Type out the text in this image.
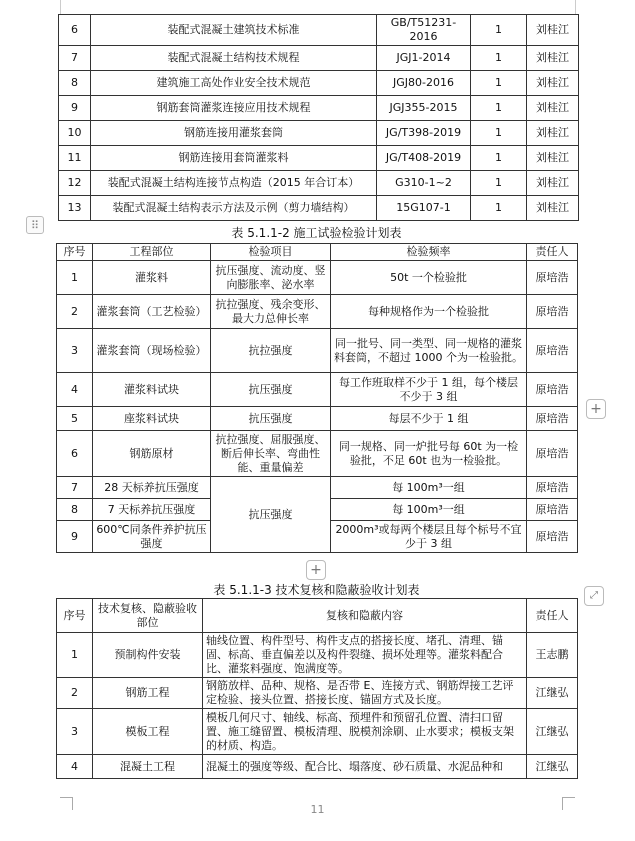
6	装配式混凝土建筑技术标准	GB/T51231-2016	1	刘桂江
7	装配式混凝土结构技术规程	JGJ1-2014	1	刘桂江
8	建筑施工高处作业安全技术规范	JGJ80-2016	1	刘桂江
9	钢筋套筒灌浆连接应用技术规程	JGJ355-2015	1	刘桂江
10	钢筋连接用灌浆套筒	JG/T398-2019	1	刘桂江
11	钢筋连接用套筒灌浆料	JG/T408-2019	1	刘桂江
12	装配式混凝土结构连接节点构造（2015 年合订本）	G310-1~2	1	刘桂江
13	装配式混凝土结构表示方法及示例（剪力墙结构）	15G107-1	1	刘桂江
⠿
表 5.1.1-2 施工试验检验计划表
序号	工程部位	检验项目	检验频率	责任人
1	灌浆料	抗压强度、流动度、竖向膨胀率、泌水率	50t 一个检验批	原培浩
2	灌浆套筒（工艺检验）	抗拉强度、残余变形、最大力总伸长率	每种规格作为一个检验批	原培浩
3	灌浆套筒（现场检验）	抗拉强度	同一批号、同一类型、同一规格的灌浆料套筒，不超过 1000 个为一检验批。	原培浩
4	灌浆料试块	抗压强度	每工作班取样不少于 1 组，每个楼层不少于 3 组	原培浩
5	座浆料试块	抗压强度	每层不少于 1 组	原培浩
6	钢筋原材	抗拉强度、屈服强度、断后伸长率、弯曲性能、重量偏差	同一规格、同一炉批号每 60t 为一检验批，不足 60t 也为一检验批。	原培浩
7	28 天标养抗压强度	抗压强度	每 100m³一组	原培浩
8	7 天标养抗压强度		每 100m³一组	原培浩
9	600℃同条件养护抗压强度		2000m³或每两个楼层且每个标号不宜少于 3 组	原培浩
+
表 5.1.1-3 技术复核和隐蔽验收计划表
+
⤢
序号	技术复核、隐蔽验收部位	复核和隐蔽内容	责任人
1	预制构件安装	轴线位置、构件型号、构件支点的搭接长度、堵孔、清理、锚固、标高、垂直偏差以及构件裂缝、损坏处理等。灌浆料配合比、灌浆料强度、饱满度等。	王志鹏
2	钢筋工程	钢筋放样、品种、规格、是否带 E、连接方式、钢筋焊接工艺评定检验、接头位置、搭接长度、锚固方式及长度。	江继弘
3	模板工程	模板几何尺寸、轴线、标高、预埋件和预留孔位置、清扫口留置、施工缝留置、模板清理、脱模剂涂刷、止水要求；模板支架的材质、构造。	江继弘
4	混凝土工程	混凝土的强度等级、配合比、塌落度、砂石质量、水泥品种和	江继弘
11
